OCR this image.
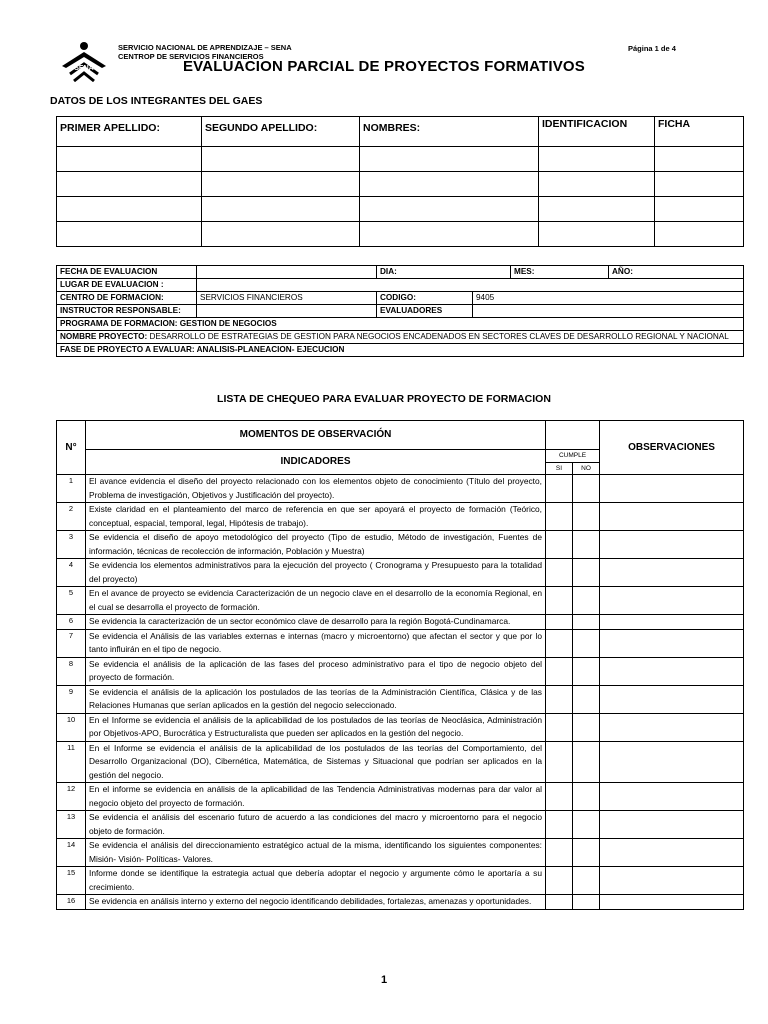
SENA
SERVICIO NACIONAL DE APRENDIZAJE – SENA
CENTROP DE SERVICIOS FINANCIEROS
Página 1 de 4
EVALUACION PARCIAL DE PROYECTOS FORMATIVOS
DATOS DE LOS INTEGRANTES DEL GAES
PRIMER APELLIDO:	SEGUNDO APELLIDO:	NOMBRES:	IDENTIFICACION	FICHA

FECHA DE EVALUACION		DIA:		MES:	AÑO:
LUGAR DE EVALUACION :					
CENTRO DE FORMACION:	SERVICIOS FINANCIEROS	CODIGO:	9405		
INSTRUCTOR RESPONSABLE:		EVALUADORES			
PROGRAMA DE FORMACION: GESTION DE NEGOCIOS					
NOMBRE PROYECTO: DESARROLLO DE ESTRATEGIAS DE GESTION PARA NEGOCIOS ENCADENADOS EN SECTORES CLAVES DE DESARROLLO REGIONAL Y NACIONAL					
FASE DE PROYECTO A EVALUAR: ANALISIS-PLANEACION- EJECUCION					
LISTA DE CHEQUEO PARA EVALUAR PROYECTO DE FORMACION
N°	MOMENTOS DE OBSERVACIÓN			OBSERVACIONES
	INDICADORES	CUMPLE		
		SI	NO	
1	El avance evidencia el diseño del proyecto relacionado con los elementos objeto de conocimiento (Título del proyecto, Problema de investigación, Objetivos y Justificación del proyecto).			
2	Existe claridad en el planteamiento del marco de referencia en que ser apoyará el proyecto de formación (Teórico, conceptual, espacial, temporal, legal, Hipótesis de trabajo).			
3	Se evidencia el diseño de apoyo metodológico del proyecto (Tipo de estudio, Método de investigación, Fuentes de información, técnicas de recolección de información, Población y Muestra)			
4	Se evidencia los elementos administrativos para la ejecución del proyecto ( Cronograma y Presupuesto para la totalidad del proyecto)			
5	En el avance de proyecto se evidencia Caracterización de un negocio clave en el desarrollo de la economía Regional, en el cual se desarrolla el proyecto de formación.			
6	Se evidencia la caracterización de un sector económico clave de desarrollo para la región Bogotá-Cundinamarca.			
7	Se evidencia el Análisis de las variables externas e internas (macro y microentorno) que afectan el sector y que por lo tanto influirán en el tipo de negocio.			
8	Se evidencia el análisis de la aplicación de las fases del proceso administrativo para el tipo de negocio objeto del proyecto de formación.			
9	Se evidencia el análisis de la aplicación los postulados de las teorías de la Administración Científica, Clásica y de las Relaciones Humanas que serían aplicados en la gestión del negocio seleccionado.			
10	En el Informe se evidencia el análisis de la aplicabilidad de los postulados de las teorías de Neoclásica, Administración por Objetivos-APO, Burocrática y Estructuralista que pueden ser aplicados en la gestión del negocio.			
11	En el Informe se evidencia el análisis de la aplicabilidad de los postulados de las teorías del Comportamiento, del Desarrollo Organizacional (DO), Cibernética, Matemática, de Sistemas y Situacional que podrían ser aplicados en la gestión del negocio.			
12	En el informe se evidencia en análisis de la aplicabilidad de las Tendencia Administrativas modernas para dar valor al negocio objeto del proyecto de formación.			
13	Se evidencia el análisis del escenario futuro de acuerdo a las condiciones del macro y microentorno para el negocio objeto de formación.			
14	Se evidencia el análisis del direccionamiento estratégico actual de la misma, identificando los siguientes componentes: Misión- Visión- Políticas- Valores.			
15	Informe donde se identifique la estrategia actual que debería adoptar el negocio y argumente cómo le aportaría a su crecimiento.			
16	Se evidencia en análisis interno y externo del negocio identificando debilidades, fortalezas, amenazas y oportunidades.			
1
